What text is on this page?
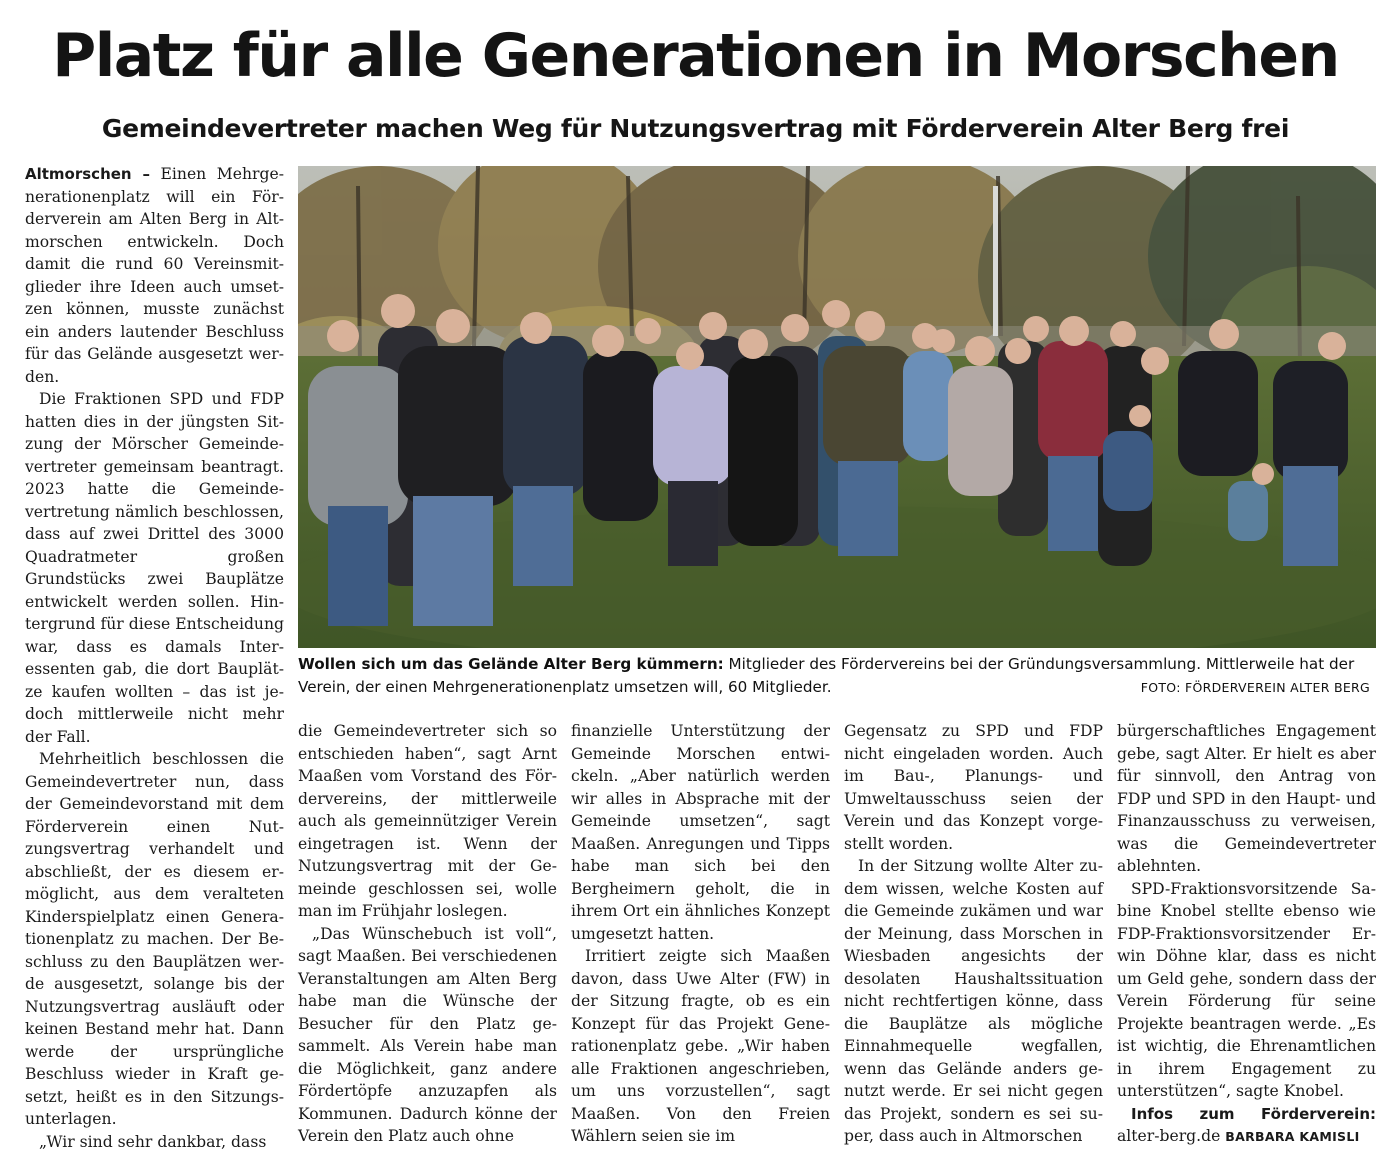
Platz für alle Generationen in Morschen
Gemeindevertreter machen Weg für Nutzungsvertrag mit Förderverein Alter Berg frei
Wollen sich um das Gelände Alter Berg kümmern: Mitglieder des Fördervereins bei der Gründungsversammlung. Mittlerweile hat der Verein, der einen Mehrgenerationenplatz umsetzen will, 60 Mitglieder.	FOTO: FÖRDERVEREIN ALTER BERG

Altmorschen – Einen Mehrgenerationenplatz will ein Förderverein am Alten Berg in Altmorschen entwickeln. Doch damit die rund 60 Vereinsmitglieder ihre Ideen auch umsetzen können, musste zunächst ein anders lautender Beschluss für das Gelände ausgesetzt werden.

Die Fraktionen SPD und FDP hatten dies in der jüngsten Sitzung der Mörscher Gemeindevertreter gemeinsam beantragt. 2023 hatte die Gemeindevertretung nämlich beschlossen, dass auf zwei Drittel des 3000 Quadratmeter großen Grundstücks zwei Bauplätze entwickelt werden sollen. Hintergrund für diese Entscheidung war, dass es damals Interessenten gab, die dort Bauplätze kaufen wollten – das ist jedoch mittlerweile nicht mehr der Fall.

Mehrheitlich beschlossen die Gemeindevertreter nun, dass der Gemeindevorstand mit dem Förderverein einen Nutzungsvertrag verhandelt und abschließt, der es diesem ermöglicht, aus dem veralteten Kinderspielplatz einen Generationenplatz zu machen. Der Beschluss zu den Bauplätzen werde ausgesetzt, solange bis der Nutzungsvertrag ausläuft oder keinen Bestand mehr hat. Dann werde der ursprüngliche Beschluss wieder in Kraft gesetzt, heißt es in den Sitzungsunterlagen.

„Wir sind sehr dankbar, dass

die Gemeindevertreter sich so entschieden haben“, sagt Arnt Maaßen vom Vorstand des Fördervereins, der mittlerweile auch als gemeinnütziger Verein eingetragen ist. Wenn der Nutzungsvertrag mit der Gemeinde geschlossen sei, wolle man im Frühjahr loslegen.

„Das Wünschebuch ist voll“, sagt Maaßen. Bei verschiedenen Veranstaltungen am Alten Berg habe man die Wünsche der Besucher für den Platz gesammelt. Als Verein habe man die Möglichkeit, ganz andere Fördertöpfe anzuzapfen als Kommunen. Dadurch könne der Verein den Platz auch ohne

finanzielle Unterstützung der Gemeinde Morschen entwickeln. „Aber natürlich werden wir alles in Absprache mit der Gemeinde umsetzen“, sagt Maaßen. Anregungen und Tipps habe man sich bei den Bergheimern geholt, die in ihrem Ort ein ähnliches Konzept umgesetzt hatten.

Irritiert zeigte sich Maaßen davon, dass Uwe Alter (FW) in der Sitzung fragte, ob es ein Konzept für das Projekt Generationenplatz gebe. „Wir haben alle Fraktionen angeschrieben, um uns vorzustellen“, sagt Maaßen. Von den Freien Wählern seien sie im

Gegensatz zu SPD und FDP nicht eingeladen worden. Auch im Bau-, Planungs- und Umweltausschuss seien der Verein und das Konzept vorgestellt worden.

In der Sitzung wollte Alter zudem wissen, welche Kosten auf die Gemeinde zukämen und war der Meinung, dass Morschen in Wiesbaden angesichts der desolaten Haushaltssituation nicht rechtfertigen könne, dass die Bauplätze als mögliche Einnahmequelle wegfallen, wenn das Gelände anders genutzt werde. Er sei nicht gegen das Projekt, sondern es sei super, dass auch in Altmorschen

bürgerschaftliches Engagement gebe, sagt Alter. Er hielt es aber für sinnvoll, den Antrag von FDP und SPD in den Haupt- und Finanzausschuss zu verweisen, was die Gemeindevertreter ablehnten.

SPD-Fraktionsvorsitzende Sabine Knobel stellte ebenso wie FDP-Fraktionsvorsitzender Erwin Döhne klar, dass es nicht um Geld gehe, sondern dass der Verein Förderung für seine Projekte beantragen werde. „Es ist wichtig, die Ehrenamtlichen in ihrem Engagement zu unterstützen“, sagte Knobel.

Infos zum Förderverein:

alter-berg.de BARBARA KAMISLI
